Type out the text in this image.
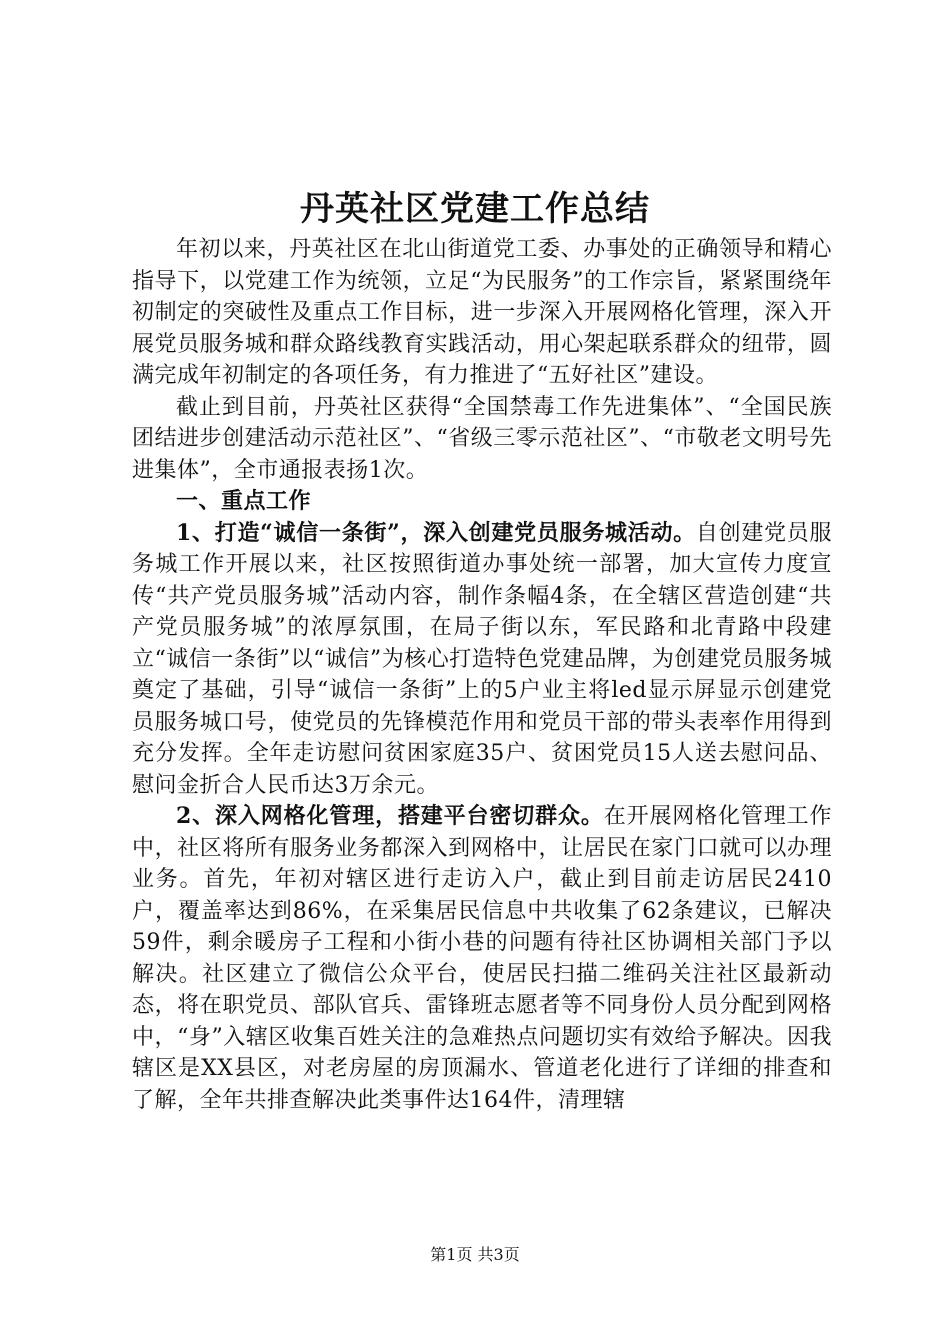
丹英社区党建工作总结

年初以来，丹英社区在北山街道党工委、办事处的正确领导和精心指导下，以党建工作为统领，立足“为民服务”的工作宗旨，紧紧围绕年初制定的突破性及重点工作目标，进一步深入开展网格化管理，深入开展党员服务城和群众路线教育实践活动，用心架起联系群众的纽带，圆满完成年初制定的各项任务，有力推进了“五好社区”建设。

截止到目前，丹英社区获得“全国禁毒工作先进集体”、“全国民族团结进步创建活动示范社区”、“省级三零示范社区”、“市敬老文明号先进集体”，全市通报表扬1次。

一、重点工作

1、打造“诚信一条街”，深入创建党员服务城活动。自创建党员服务城工作开展以来，社区按照街道办事处统一部署，加大宣传力度宣传“共产党员服务城”活动内容，制作条幅4条，在全辖区营造创建“共产党员服务城”的浓厚氛围，在局子街以东，军民路和北青路中段建立“诚信一条街”以“诚信”为核心打造特色党建品牌，为创建党员服务城奠定了基础，引导“诚信一条街”上的5户业主将led显示屏显示创建党员服务城口号，使党员的先锋模范作用和党员干部的带头表率作用得到充分发挥。全年走访慰问贫困家庭35户、贫困党员15人送去慰问品、慰问金折合人民币达3万余元。

2、深入网格化管理，搭建平台密切群众。在开展网格化管理工作中，社区将所有服务业务都深入到网格中，让居民在家门口就可以办理业务。首先，年初对辖区进行走访入户，截止到目前走访居民2410户，覆盖率达到86%，在采集居民信息中共收集了62条建议，已解决59件，剩余暖房子工程和小街小巷的问题有待社区协调相关部门予以解决。社区建立了微信公众平台，使居民扫描二维码关注社区最新动态，将在职党员、部队官兵、雷锋班志愿者等不同身份人员分配到网格中，“身”入辖区收集百姓关注的急难热点问题切实有效给予解决。因我辖区是XX县区，对老房屋的房顶漏水、管道老化进行了详细的排查和了解，全年共排查解决此类事件达164件，清理辖

第1页 共3页
